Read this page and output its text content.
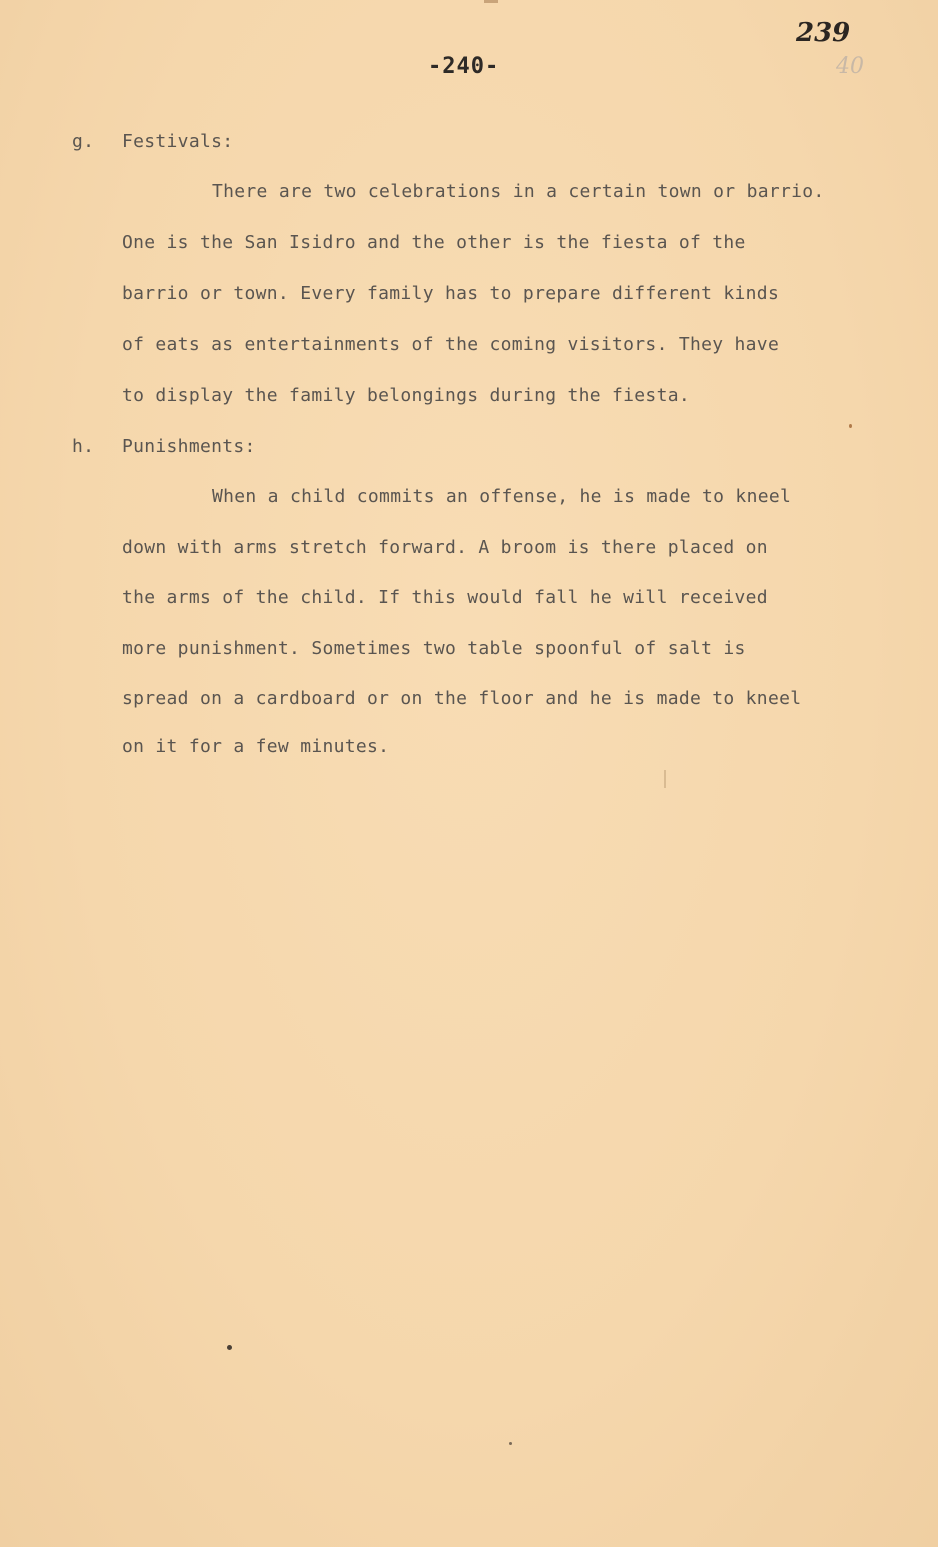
-240-
239
40
g. Festivals:
There are two celebrations in a certain town or barrio.
One is the San Isidro and the other is the fiesta of the
barrio or town. Every family has to prepare different kinds
of eats as entertainments of the coming visitors. They have
to display the family belongings during the fiesta.
h. Punishments:
When a child commits an offense, he is made to kneel
down with arms stretch forward. A broom is there placed on
the arms of the child. If this would fall he will received
more punishment. Sometimes two table spoonful of salt is
spread on a cardboard or on the floor and he is made to kneel
on it for a few minutes.
